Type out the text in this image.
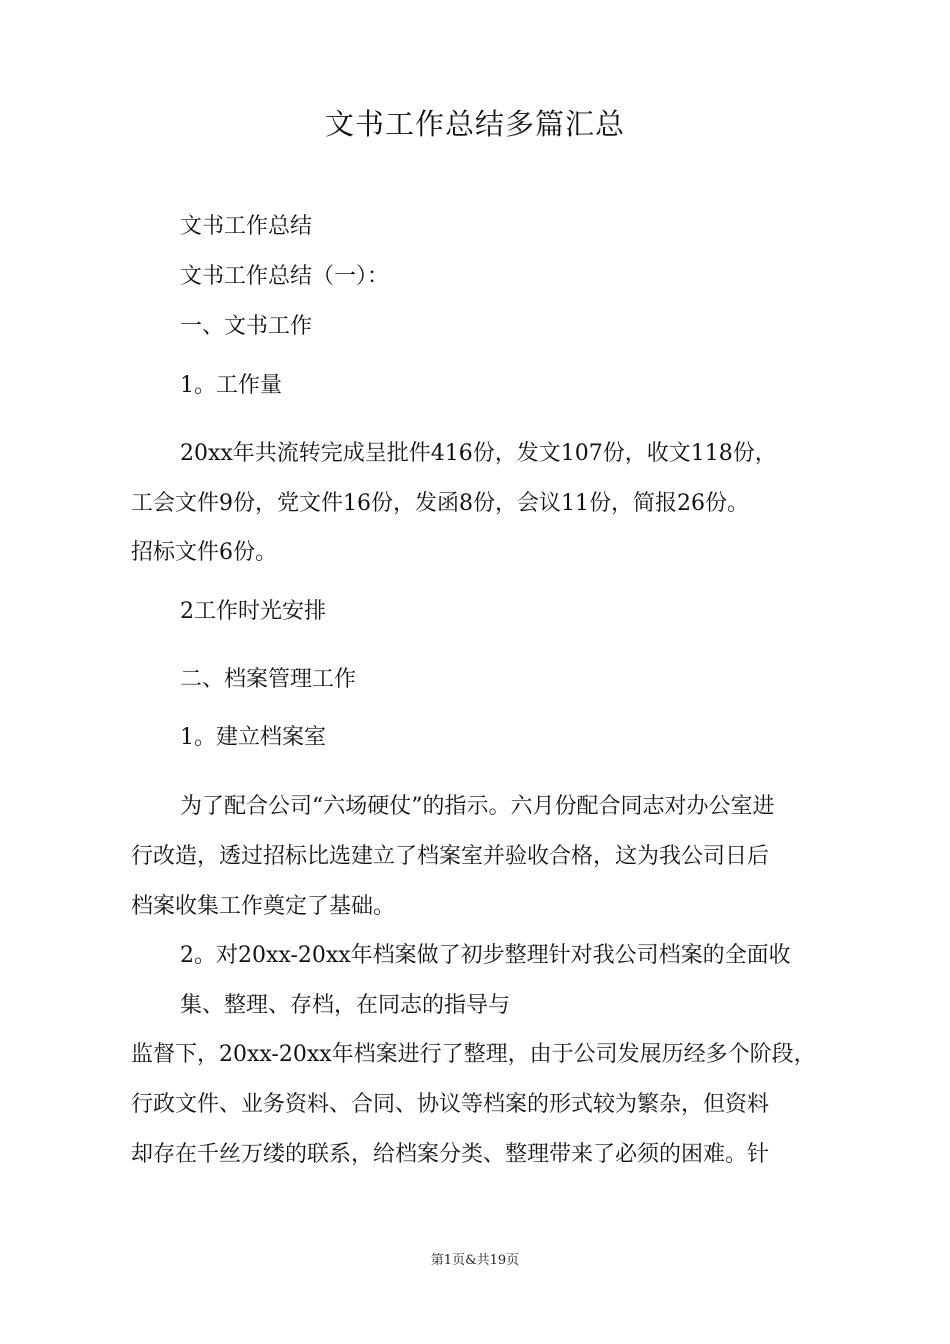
文书工作总结多篇汇总
文书工作总结
文书工作总结（一）：
一、文书工作
1。工作量
20xx年共流转完成呈批件416份，发文107份，收文118份，
工会文件9份，党文件16份，发函8份，会议11份，简报26份。
招标文件6份。
2工作时光安排
二、档案管理工作
1。建立档案室
为了配合公司“六场硬仗”的指示。六月份配合同志对办公室进
行改造，透过招标比选建立了档案室并验收合格，这为我公司日后
档案收集工作奠定了基础。
2。对20xx-20xx年档案做了初步整理针对我公司档案的全面收
集、整理、存档，在同志的指导与
监督下，20xx-20xx年档案进行了整理，由于公司发展历经多个阶段，
行政文件、业务资料、合同、协议等档案的形式较为繁杂，但资料
却存在千丝万缕的联系，给档案分类、整理带来了必须的困难。针
第1页&共19页
